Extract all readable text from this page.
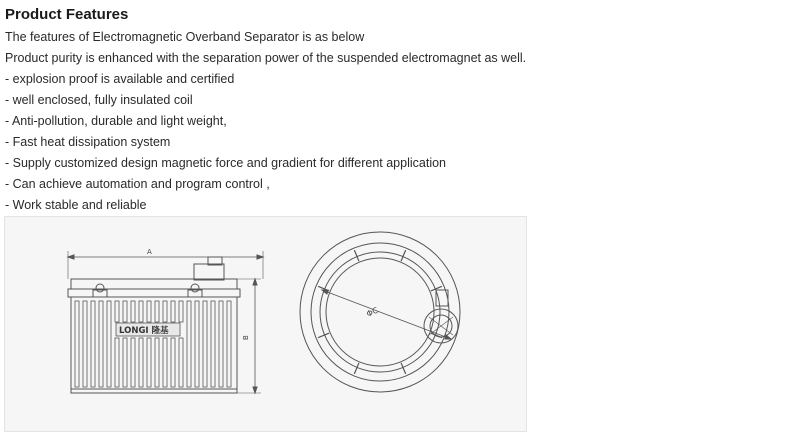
Product Features
The features of Electromagnetic Overband Separator is as below
Product purity is enhanced with the separation power of the suspended electromagnet as well.
- explosion proof is available and certified
- well enclosed, fully insulated coil
- Anti-pollution, durable and light weight,
- Fast heat dissipation system
- Supply customized design magnetic force and gradient for different application
- Can achieve automation and program control ,
- Work stable and reliable
A
B
LONGI 隆基
ΦC
